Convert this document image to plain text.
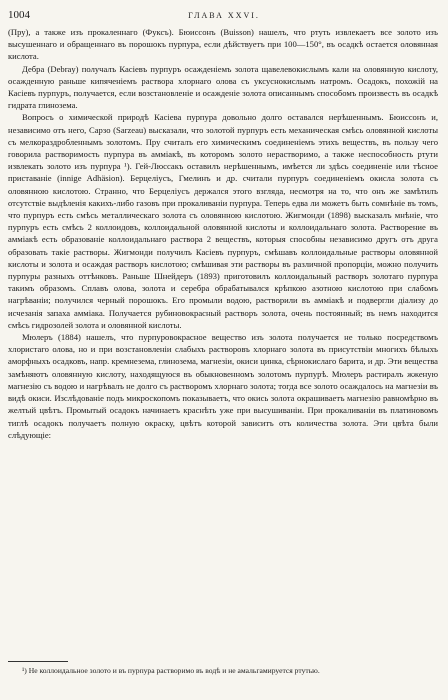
1004	ГЛАВА XXVI.

(Пру), а также изъ прокаленнаго (Фуксъ). Бюиссонъ (Buisson) нашелъ, что ртуть извлекаетъ все золото изъ высушеннаго и обращеннаго въ порошокъ пурпура, если дѣйствуетъ при 100—150°, въ осадкѣ остается оловянная кислота.

Дебра (Debray) получалъ Касіевъ пурпуръ осажденіемъ золота щавелевокислымъ кали на оловянную кислоту, осажденную раньше кипяченіемъ раствора хлорнаго олова съ уксуснокислымъ натромъ. Осадокъ, похожій на Касіевъ пурпуръ, получается, если возстановленіе и осажденіе золота описаннымъ способомъ произвесть въ осадкѣ гидрата глинозема.

Вопросъ о химической природѣ Касіева пурпура довольно долго оставался нерѣшеннымъ. Бюиссонъ и, независимо отъ него, Сарзо (Sarzeau) высказали, что золотой пурпуръ есть механическая смѣсь оловянной кислоты съ мелкораздробленнымъ золотомъ. Пру считалъ его химическимъ соединеніемъ этихъ веществъ, въ пользу чего говорила растворимость пурпура въ амміакѣ, въ которомъ золото нерастворимо, а также неспособность ртути извлекать золото изъ пурпура ¹). Гей-Люссакъ оставилъ нерѣшеннымъ, имѣется ли здѣсь соединеніе или тѣсное приставаніе (innige Adhäsion). Берцеліусъ, Гмелинъ и др. считали пурпуръ соединеніемъ окисла золота съ оловянною кислотою. Странно, что Берцеліусъ держался этого взгляда, несмотря на то, что онъ же замѣтилъ отсутствіе выдѣленія какихъ-либо газовъ при прокаливаніи пурпура. Теперь едва ли можетъ быть сомнѣніе въ томъ, что пурпуръ есть смѣсь металлическаго золота съ оловянною кислотою. Жигмонди (1898) высказалъ мнѣніе, что пурпуръ есть смѣсь 2 коллоидовъ, коллоидальной оловянной кислоты и коллоидальнаго золота. Растворение въ амміакѣ есть образованіе коллоидальнаго раствора 2 веществъ, которыя способны независимо другъ отъ друга образовать такіе растворы. Жигмонди получилъ Касіевъ пурпуръ, смѣшавъ коллоидальные растворы оловянной кислоты и золота и осаждая растворъ кислотою; смѣшивая эти растворы въ различной пропорціи, можно получить пурпуры разныхъ оттѣнковъ. Раньше Шнейдеръ (1893) приготовилъ коллоидальный растворъ золотаго пурпура такимъ образомъ. Сплавъ олова, золота и серебра обрабатывался крѣпкою азотною кислотою при слабомъ нагрѣваніи; получился черный порошокъ. Его промыли водою, растворили въ амміакѣ и подвергли діализу до исчезанія запаха амміака. Получается рубиновокрасный растворъ золота, очень постоянный; въ немъ находится смѣсь гидрозолей золота и оловянной кислоты.

Мюлеръ (1884) нашелъ, что пурпуровокрасное вещество изъ золота получается не только посредствомъ хлористаго олова, но и при возстановленіи слабыхъ растворовъ хлорнаго золота въ присутствіи многихъ бѣлыхъ аморфныхъ осадковъ, напр. кремнезема, глинозема, магнезіи, окиси цинка, сѣрнокислаго барита, и др. Эти вещества замѣняютъ оловянную кислоту, находящуюся въ обыкновенномъ золотомъ пурпурѣ. Мюлеръ растиралъ жженую магнезію съ водою и нагрѣвалъ не долго съ растворомъ хлорнаго золота; тогда все золото осаждалось на магнезіи въ видѣ окиси. Изслѣдованіе подъ микроскопомъ показываетъ, что окись золота окрашиваетъ магнезію равномѣрно въ желтый цвѣтъ. Промытый осадокъ начинаетъ краснѣть уже при высушиваніи. При прокаливаніи въ платиновомъ тиглѣ осадокъ получаетъ полную окраску, цвѣтъ которой зависитъ отъ количества золота. Эти цвѣта были слѣдующіе:

¹) Не коллоидальное золото и въ пурпура растворимо въ водѣ и не амальгамируется ртутью.
